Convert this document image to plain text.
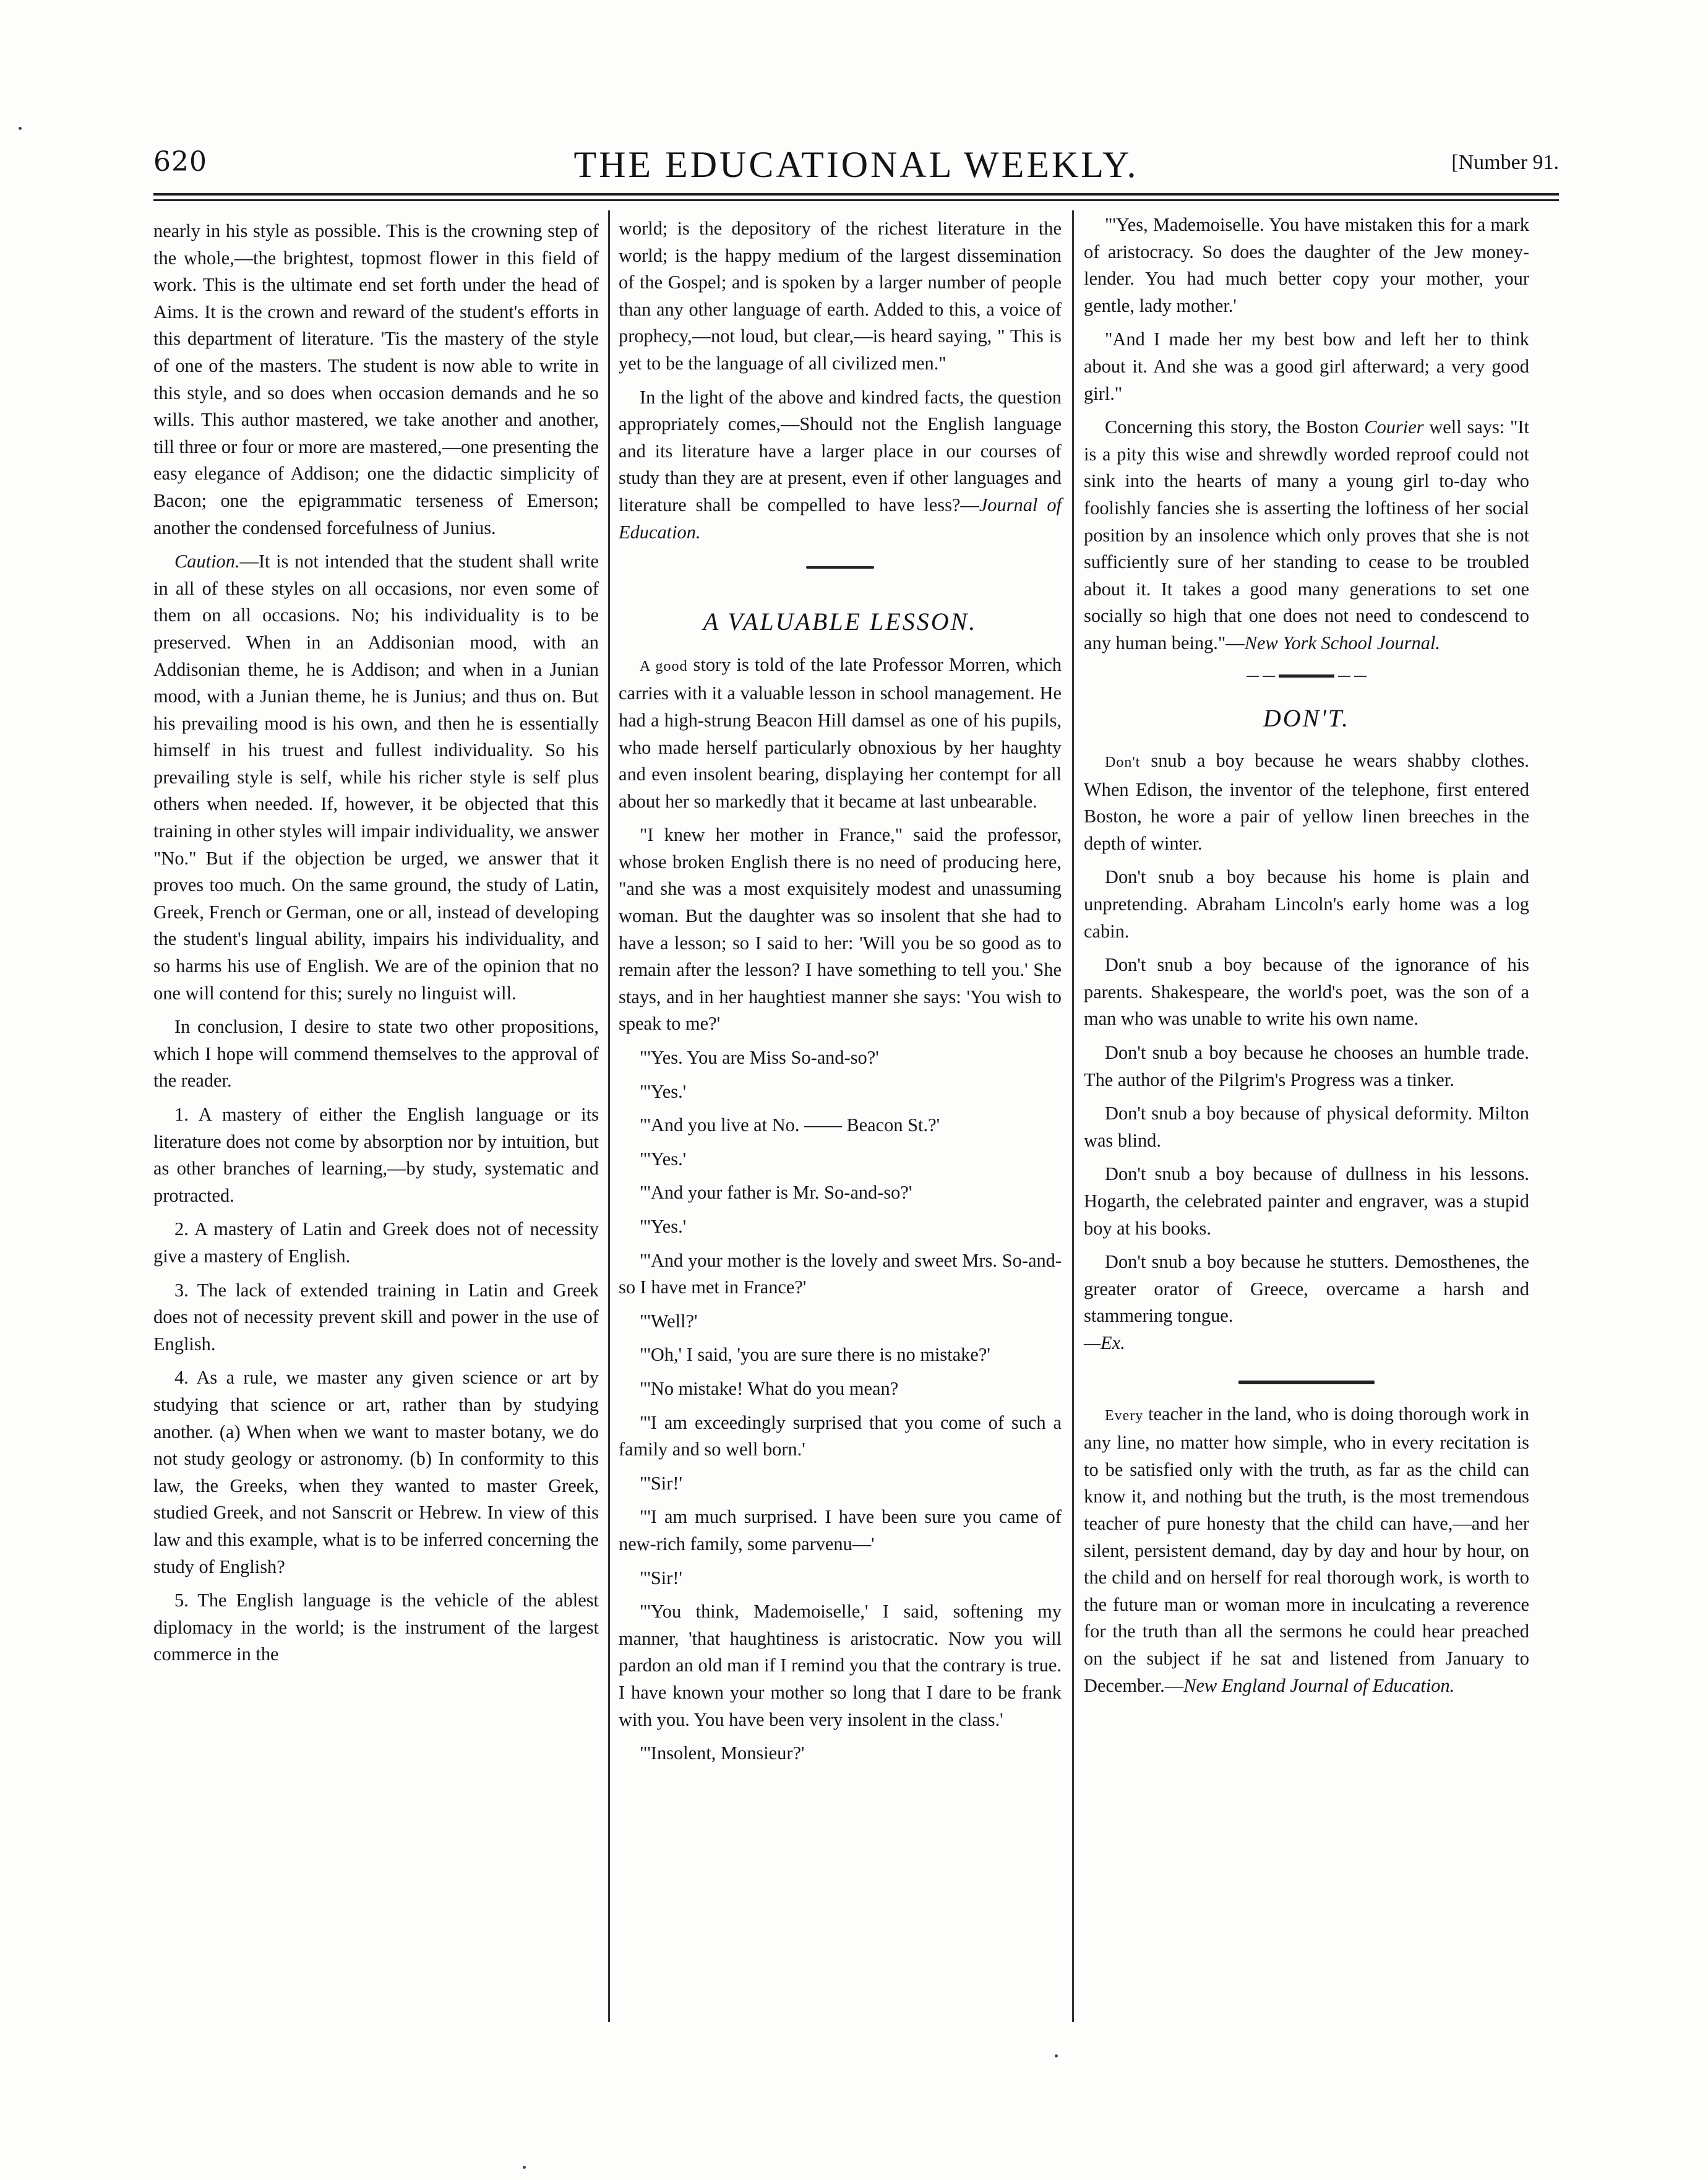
620	THE EDUCATIONAL WEEKLY.	[Number 91.

nearly in his style as possible. This is the crowning step of the whole,—the brightest, topmost flower in this field of work. This is the ultimate end set forth under the head of Aims. It is the crown and reward of the student's efforts in this department of literature. 'Tis the mastery of the style of one of the masters. The student is now able to write in this style, and so does when occasion demands and he so wills. This author mastered, we take another and another, till three or four or more are mastered,—one presenting the easy elegance of Addison; one the didactic simplicity of Bacon; one the epigrammatic terseness of Emerson; another the condensed forcefulness of Junius.

Caution.—It is not intended that the student shall write in all of these styles on all occasions, nor even some of them on all occasions. No; his individuality is to be preserved. When in an Addisonian mood, with an Addisonian theme, he is Addison; and when in a Junian mood, with a Junian theme, he is Junius; and thus on. But his prevailing mood is his own, and then he is essentially himself in his truest and fullest individuality. So his prevailing style is self, while his richer style is self plus others when needed. If, however, it be objected that this training in other styles will impair individuality, we answer "No." But if the objection be urged, we answer that it proves too much. On the same ground, the study of Latin, Greek, French or German, one or all, instead of developing the student's lingual ability, impairs his individuality, and so harms his use of English. We are of the opinion that no one will contend for this; surely no linguist will.

In conclusion, I desire to state two other propositions, which I hope will commend themselves to the approval of the reader.

1. A mastery of either the English language or its literature does not come by absorption nor by intuition, but as other branches of learning,—by study, systematic and protracted.

2. A mastery of Latin and Greek does not of necessity give a mastery of English.

3. The lack of extended training in Latin and Greek does not of necessity prevent skill and power in the use of English.

4. As a rule, we master any given science or art by studying that science or art, rather than by studying another. (a) When when we want to master botany, we do not study geology or astronomy. (b) In conformity to this law, the Greeks, when they wanted to master Greek, studied Greek, and not Sanscrit or Hebrew. In view of this law and this example, what is to be inferred concerning the study of English?

5. The English language is the vehicle of the ablest diplomacy in the world; is the instrument of the largest commerce in the

world; is the depository of the richest literature in the world; is the happy medium of the largest dissemination of the Gospel; and is spoken by a larger number of people than any other language of earth. Added to this, a voice of prophecy,—not loud, but clear,—is heard saying, " This is yet to be the language of all civilized men."

In the light of the above and kindred facts, the question appropriately comes,—Should not the English language and its literature have a larger place in our courses of study than they are at present, even if other languages and literature shall be compelled to have less?—Journal of Education.

A VALUABLE LESSON.

A good story is told of the late Professor Morren, which carries with it a valuable lesson in school management. He had a high-strung Beacon Hill damsel as one of his pupils, who made herself particularly obnoxious by her haughty and even insolent bearing, displaying her contempt for all about her so markedly that it became at last unbearable.

"I knew her mother in France," said the professor, whose broken English there is no need of producing here, "and she was a most exquisitely modest and unassuming woman. But the daughter was so insolent that she had to have a lesson; so I said to her: 'Will you be so good as to remain after the lesson? I have something to tell you.' She stays, and in her haughtiest manner she says: 'You wish to speak to me?'

"'Yes. You are Miss So-and-so?'

"'Yes.'

"'And you live at No. —— Beacon St.?'

"'Yes.'

"'And your father is Mr. So-and-so?'

"'Yes.'

"'And your mother is the lovely and sweet Mrs. So-and-so I have met in France?'

"'Well?'

"'Oh,' I said, 'you are sure there is no mistake?'

"'No mistake! What do you mean?

"'I am exceedingly surprised that you come of such a family and so well born.'

"'Sir!'

"'I am much surprised. I have been sure you came of new-rich family, some parvenu—'

"'Sir!'

"'You think, Mademoiselle,' I said, softening my manner, 'that haughtiness is aristocratic. Now you will pardon an old man if I remind you that the contrary is true. I have known your mother so long that I dare to be frank with you. You have been very insolent in the class.'

"'Insolent, Monsieur?'

"'Yes, Mademoiselle. You have mistaken this for a mark of aristocracy. So does the daughter of the Jew money-lender. You had much better copy your mother, your gentle, lady mother.'

"And I made her my best bow and left her to think about it. And she was a good girl afterward; a very good girl."

Concerning this story, the Boston Courier well says: "It is a pity this wise and shrewdly worded reproof could not sink into the hearts of many a young girl to-day who foolishly fancies she is asserting the loftiness of her social position by an insolence which only proves that she is not sufficiently sure of her standing to cease to be troubled about it. It takes a good many generations to set one socially so high that one does not need to condescend to any human being."—New York School Journal.

DON'T.

Don't snub a boy because he wears shabby clothes. When Edison, the inventor of the telephone, first entered Boston, he wore a pair of yellow linen breeches in the depth of winter.

Don't snub a boy because his home is plain and unpretending. Abraham Lincoln's early home was a log cabin.

Don't snub a boy because of the ignorance of his parents. Shakespeare, the world's poet, was the son of a man who was unable to write his own name.

Don't snub a boy because he chooses an humble trade. The author of the Pilgrim's Progress was a tinker.

Don't snub a boy because of physical deformity. Milton was blind.

Don't snub a boy because of dullness in his lessons. Hogarth, the celebrated painter and engraver, was a stupid boy at his books.

Don't snub a boy because he stutters. Demosthenes, the greater orator of Greece, overcame a harsh and stammering tongue.
—Ex.

Every teacher in the land, who is doing thorough work in any line, no matter how simple, who in every recitation is to be satisfied only with the truth, as far as the child can know it, and nothing but the truth, is the most tremendous teacher of pure honesty that the child can have,—and her silent, persistent demand, day by day and hour by hour, on the child and on herself for real thorough work, is worth to the future man or woman more in inculcating a reverence for the truth than all the sermons he could hear preached on the subject if he sat and listened from January to December.—New England Journal of Education.
